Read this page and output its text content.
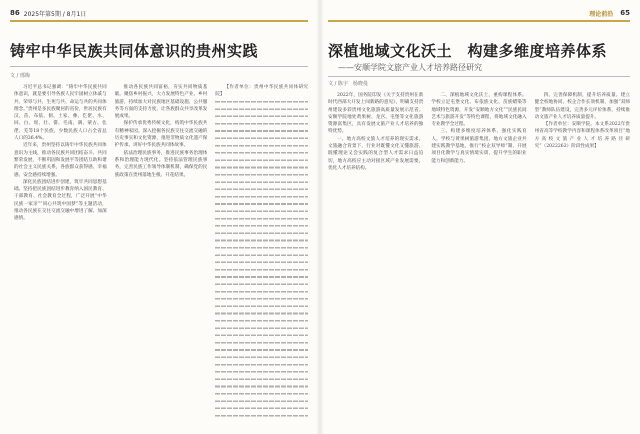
86 2025年第5期 / 8月1日
铸牢中华民族共同体意识的贵州实践
文 / 邢梅

习近平总书记强调：“铸牢中华民族共同体意识，就是要引导各族人民牢固树立休戚与共、荣辱与共、生死与共、命运与共的共同体理念。”贵州是多民族聚居的省份，世居民族有汉、苗、布依、侗、土家、彝、仡佬、水、回、白、瑶、壮、畲、毛南、满、蒙古、仫佬、羌等18个民族，少数民族人口占全省总人口的36.4%。

近年来，贵州坚持以铸牢中华民族共同体意识为主线，推动各民族共同团结奋斗、共同繁荣发展，不断巩固和发展平等团结互助和谐的社会主义民族关系，各族群众获得感、幸福感、安全感持续增强。

深化民族团结进步创建，筑牢共同思想基础。坚持把民族团结进步教育纳入国民教育、干部教育、社会教育全过程，广泛开展“中华民族一家亲”“同心共筑中国梦”等主题活动，推动各民族在交往交流交融中增进了解、加深感情。

推动各民族共同富裕，夯实共同物质基础。聚焦乡村振兴，大力发展特色产业、乡村旅游，持续加大对民族地区基础设施、公共服务等方面的支持力度，让各族群众共享改革发展成果。

保护传承优秀传统文化，构筑中华民族共有精神家园。深入挖掘各民族交往交流交融的历史事实和文化资源，推进非物质文化遗产保护传承，讲好中华民族共同体故事。

依法治理民族事务，推进民族事务治理体系和治理能力现代化。坚持依法管理民族事务，完善民族工作领导体制机制，确保党的民族政策在贵州落地生根、开花结果。

【作者单位：贵州中华民族共同体研究院】

理论前沿 65
深植地域文化沃土　构建多维度培养体系
——安顺学院文旅产业人才培养路径研究
文 / 陈宇　杨晓曼

2022年，国务院印发《关于支持贵州在新时代西部大开发上闯新路的意见》，明确支持贵州建设多彩贵州文化旅游高质量发展示范省。安顺学院地处黄果树、龙宫、屯堡等文化旅游资源富集区，具有发展文旅产业人才培养的独特优势。

一、地方高校文旅人才培养的现实需求。文旅融合背景下，行业对既懂文化又懂旅游、既懂理论又会实践的复合型人才需求日益迫切，地方高校应主动对接区域产业发展需要，优化人才培养结构。

二、深植地域文化沃土，重构课程体系。学校立足屯堡文化、布依族文化、苗族蜡染等地域特色资源，开发“安顺地方文化”“民族民间艺术与旅游开发”等特色课程，将地域文化融入专业教学全过程。

三、构建多维度培养体系，强化实践育人。学校与黄果树旅游集团、地方文旅企业共建实践教学基地，推行“校企双导师”制，开展项目化教学与真实情境实训，提升学生的职业能力和创新能力。

四、完善保障机制，提升培养质量。建立健全校地协同、校企合作长效机制，加强“双师型”教师队伍建设，完善多元评价体系，持续推动文旅产业人才培养质量提升。

【作者单位：安顺学院。本文系2022年贵州省高等学校教学内容和课程体系改革项目“地方高校文旅产业人才培养路径研究”（2022262）阶段性成果】
